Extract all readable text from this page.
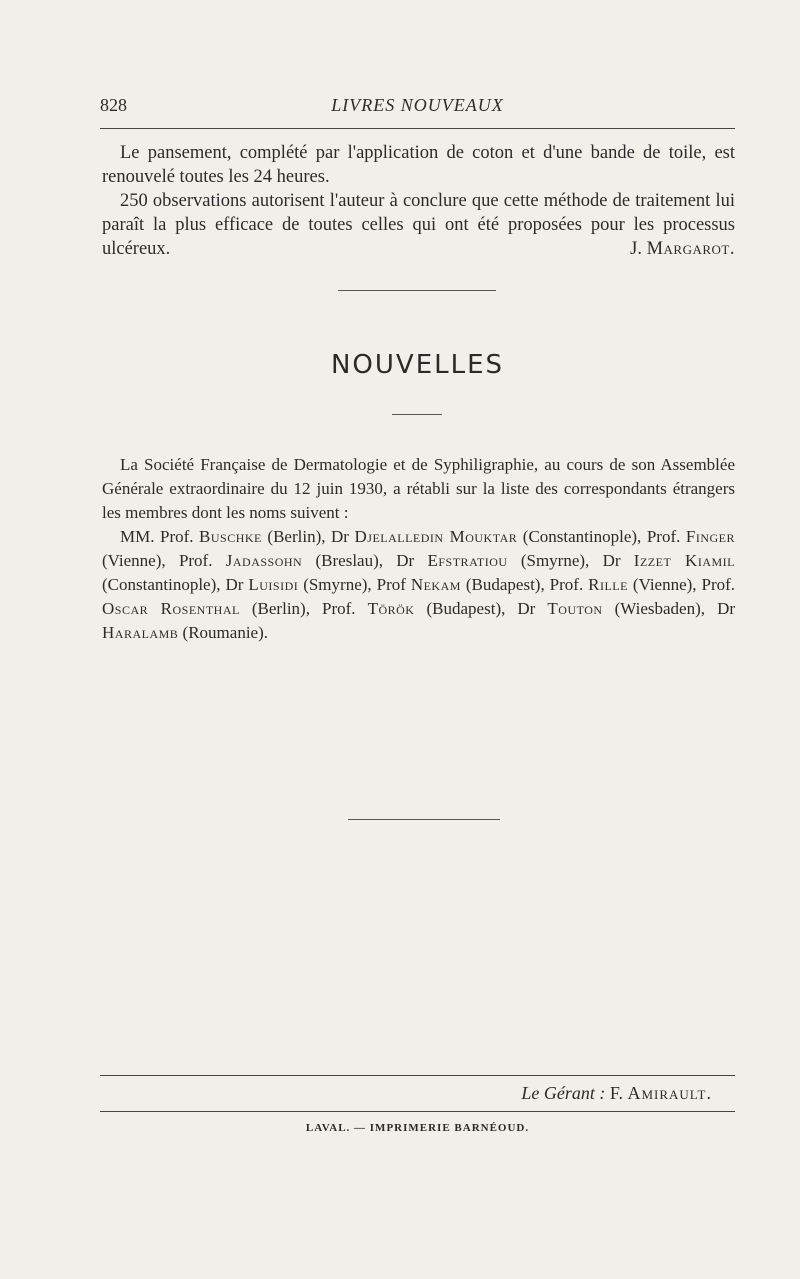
828	LIVRES NOUVEAUX

Le pansement, complété par l'application de coton et d'une bande de toile, est renouvelé toutes les 24 heures.

250 observations autorisent l'auteur à conclure que cette méthode de traitement lui paraît la plus efficace de toutes celles qui ont été proposées pour les processus ulcéreux.	J. Margarot.

NOUVELLES

La Société Française de Dermatologie et de Syphiligraphie, au cours de son Assemblée Générale extraordinaire du 12 juin 1930, a rétabli sur la liste des correspondants étrangers les membres dont les noms suivent :

MM. Prof. Buschke (Berlin), Dr Djelalledin Mouktar (Constantinople), Prof. Finger (Vienne), Prof. Jadassohn (Breslau), Dr Efstratiou (Smyrne), Dr Izzet Kiamil (Constantinople), Dr Luisidi (Smyrne), Prof Nekam (Budapest), Prof. Rille (Vienne), Prof. Oscar Rosenthal (Berlin), Prof. Török (Budapest), Dr Touton (Wiesbaden), Dr Haralamb (Roumanie).

Le Gérant : F. Amirault.
LAVAL. — IMPRIMERIE BARNÉOUD.
